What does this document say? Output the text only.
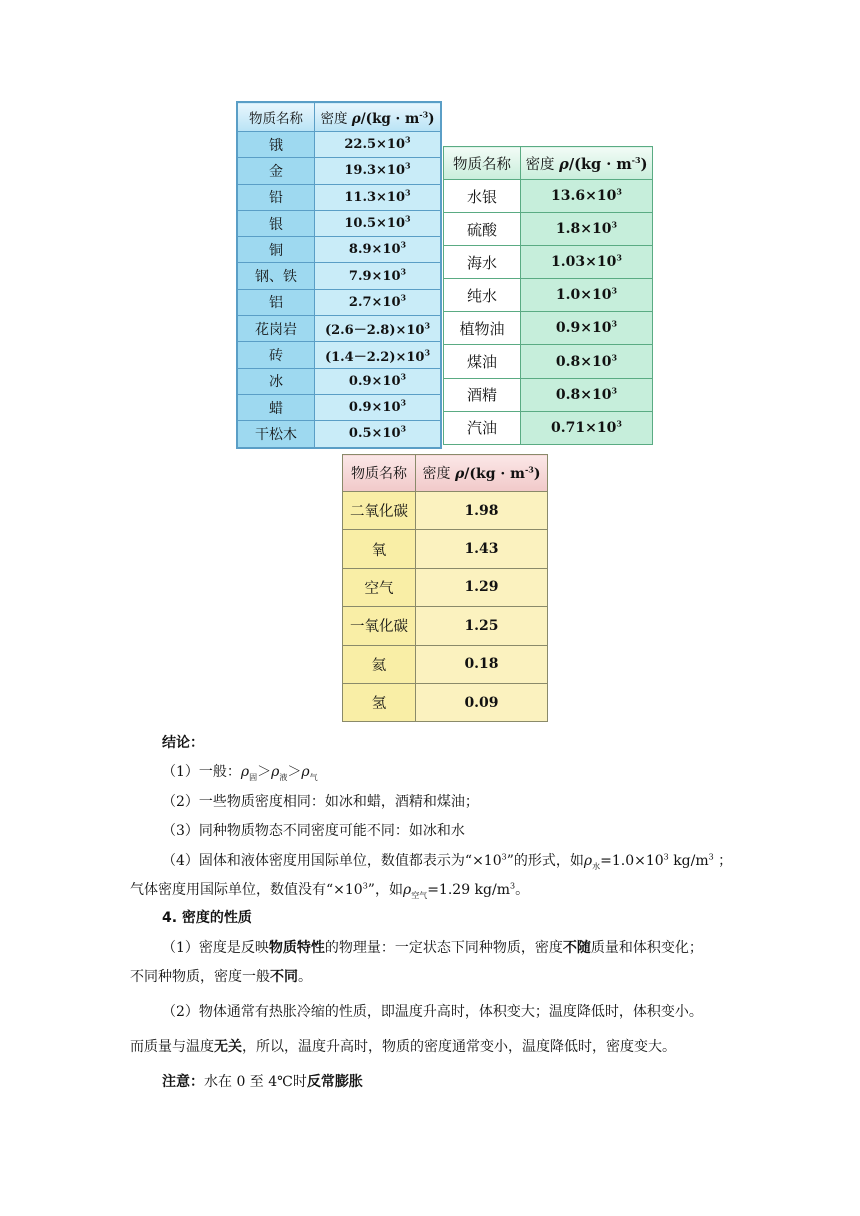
物质名称	密度 $\rho/(kg \cdot m^{-3})$
锇	$22.5\times 10^3$
金	$19.3\times 10^3$
铅	$11.3\times 10^3$
银	$10.5\times 10^3$
铜	$8.9\times 10^3$
钢、铁	$7.9\times 10^3$
铝	$2.7\times 10^3$
花岗岩	$(2.6-2.8)\times 10^3$
砖	$(1.4-2.2)\times 10^3$
冰	$0.9\times 10^3$
蜡	$0.9\times 10^3$
干松木	$0.5\times 10^3$
物质名称	密度 $\rho/(kg \cdot m^{-3})$
水银	$13.6\times 10^3$
硫酸	$1.8\times 10^3$
海水	$1.03\times 10^3$
纯水	$1.0\times 10^3$
植物油	$0.9\times 10^3$
煤油	$0.8\times 10^3$
酒精	$0.8\times 10^3$
汽油	$0.71\times 10^3$
物质名称	密度 $\rho/(kg \cdot m^{-3})$
二氧化碳	1.98
氧	1.43
空气	1.29
一氧化碳	1.25
氦	0.18
氢	0.09
结论：
（1）一般：$\rho_固>\rho_液>\rho_气$
（2）一些物质密度相同：如冰和蜡，酒精和煤油；
（3）同种物质物态不同密度可能不同：如冰和水
（4）固体和液体密度用国际单位，数值都表示为“$\times 10^3$”的形式，如$\rho_水=1.0\times 10^3$ $kg/m^3$ ；
气体密度用国际单位，数值没有“$\times 10^3$”，如$\rho_{空气}=1.29$ $kg/m^3$。
4. 密度的性质
（1）密度是反映物质特性的物理量：一定状态下同种物质，密度不随质量和体积变化；
不同种物质，密度一般不同。
（2）物体通常有热胀冷缩的性质，即温度升高时，体积变大；温度降低时，体积变小。
而质量与温度无关，所以，温度升高时，物质的密度通常变小，温度降低时，密度变大。
注意：水在 0 至 4℃时反常膨胀
